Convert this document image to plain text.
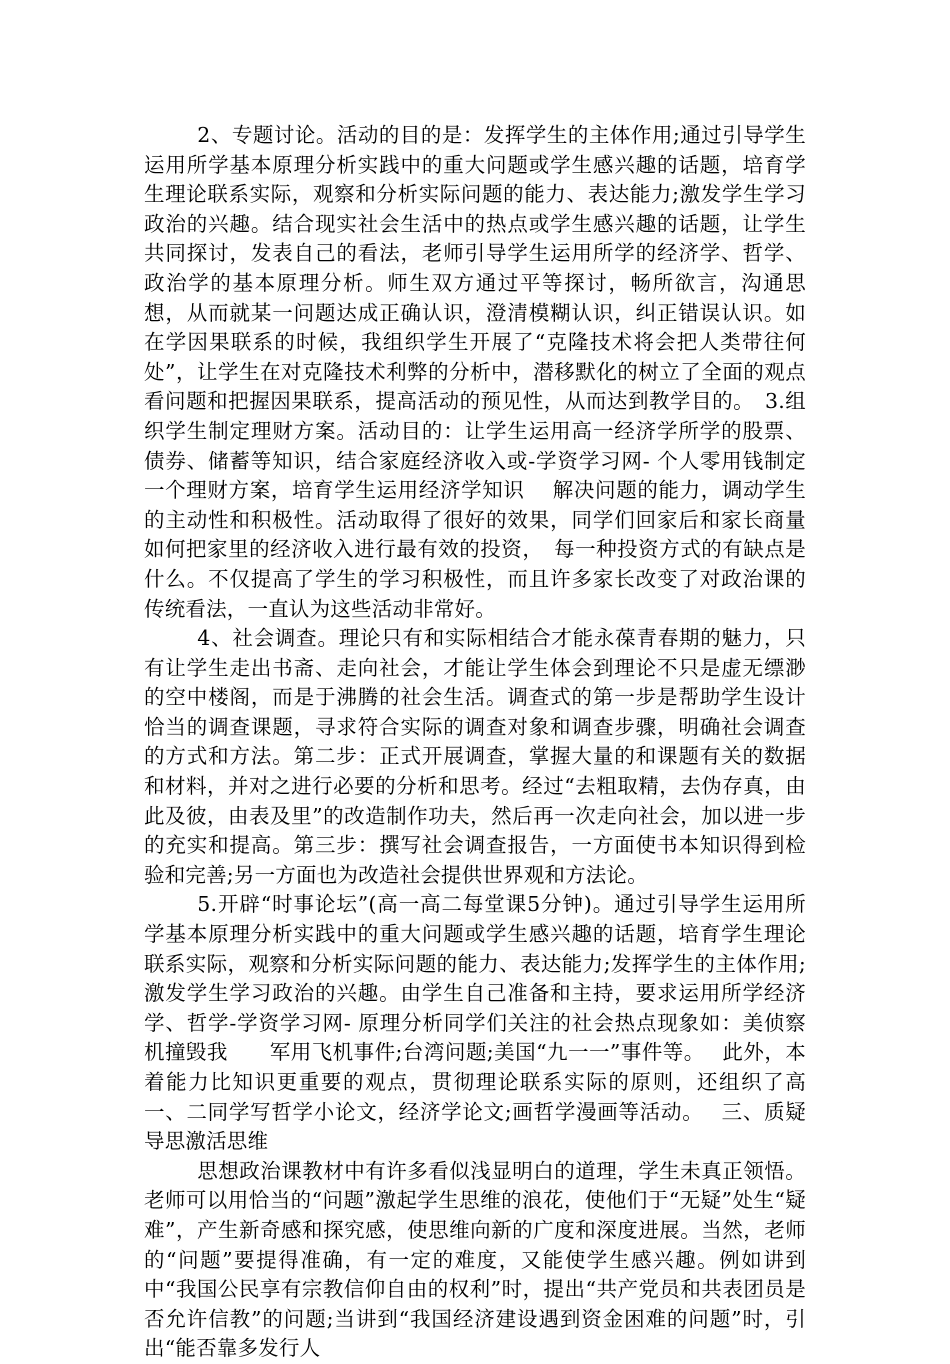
2、专题讨论。活动的目的是：发挥学生的主体作用;通过引导学生运用所学基本原理分析实践中的重大问题或学生感兴趣的话题，培育学生理论联系实际，观察和分析实际问题的能力、表达能力;激发学生学习政治的兴趣。结合现实社会生活中的热点或学生感兴趣的话题，让学生共同探讨，发表自己的看法，老师引导学生运用所学的经济学、哲学、政治学的基本原理分析。师生双方通过平等探讨，畅所欲言，沟通思想，从而就某一问题达成正确认识，澄清模糊认识，纠正错误认识。如在学因果联系的时候，我组织学生开展了“克隆技术将会把人类带往何处”，让学生在对克隆技术利弊的分析中，潜移默化的树立了全面的观点看问题和把握因果联系，提高活动的预见性，从而达到教学目的。　3.组织学生制定理财方案。活动目的：让学生运用高一经济学所学的股票、债券、储蓄等知识，结合家庭经济收入或-学资学习网- 个人零用钱制定一个理财方案，培育学生运用经济学知识　 解决问题的能力，调动学生的主动性和积极性。活动取得了很好的效果，同学们回家后和家长商量如何把家里的经济收入进行最有效的投资，　每一种投资方式的有缺点是什么。不仅提高了学生的学习积极性，而且许多家长改变了对政治课的传统看法，一直认为这些活动非常好。

4、社会调查。理论只有和实际相结合才能永葆青春期的魅力，只有让学生走出书斋、走向社会，才能让学生体会到理论不只是虚无缥渺的空中楼阁，而是于沸腾的社会生活。调查式的第一步是帮助学生设计恰当的调查课题，寻求符合实际的调查对象和调查步骤，明确社会调查的方式和方法。第二步：正式开展调查，掌握大量的和课题有关的数据和材料，并对之进行必要的分析和思考。经过“去粗取精，去伪存真，由此及彼，由表及里”的改造制作功夫，然后再一次走向社会，加以进一步的充实和提高。第三步：撰写社会调查报告，一方面使书本知识得到检验和完善;另一方面也为改造社会提供世界观和方法论。

5.开辟“时事论坛”(高一高二每堂课5分钟)。通过引导学生运用所学基本原理分析实践中的重大问题或学生感兴趣的话题，培育学生理论联系实际，观察和分析实际问题的能力、表达能力;发挥学生的主体作用;激发学生学习政治的兴趣。由学生自己准备和主持，要求运用所学经济学、哲学-学资学习网- 原理分析同学们关注的社会热点现象如：美侦察机撞毁我　　军用飞机事件;台湾问题;美国“九一一”事件等。　 此外，本着能力比知识更重要的观点，贯彻理论联系实际的原则，还组织了高一、二同学写哲学小论文，经济学论文;画哲学漫画等活动。　 三、质疑导思激活思维

思想政治课教材中有许多看似浅显明白的道理，学生未真正领悟。老师可以用恰当的“问题”激起学生思维的浪花，使他们于“无疑”处生“疑难”，产生新奇感和探究感，使思维向新的广度和深度进展。当然，老师的“问题”要提得准确，有一定的难度，又能使学生感兴趣。例如讲到中“我国公民享有宗教信仰自由的权利”时，提出“共产党员和共表团员是否允许信教”的问题;当讲到“我国经济建设遇到资金困难的问题”时，引出“能否靠多发行人
